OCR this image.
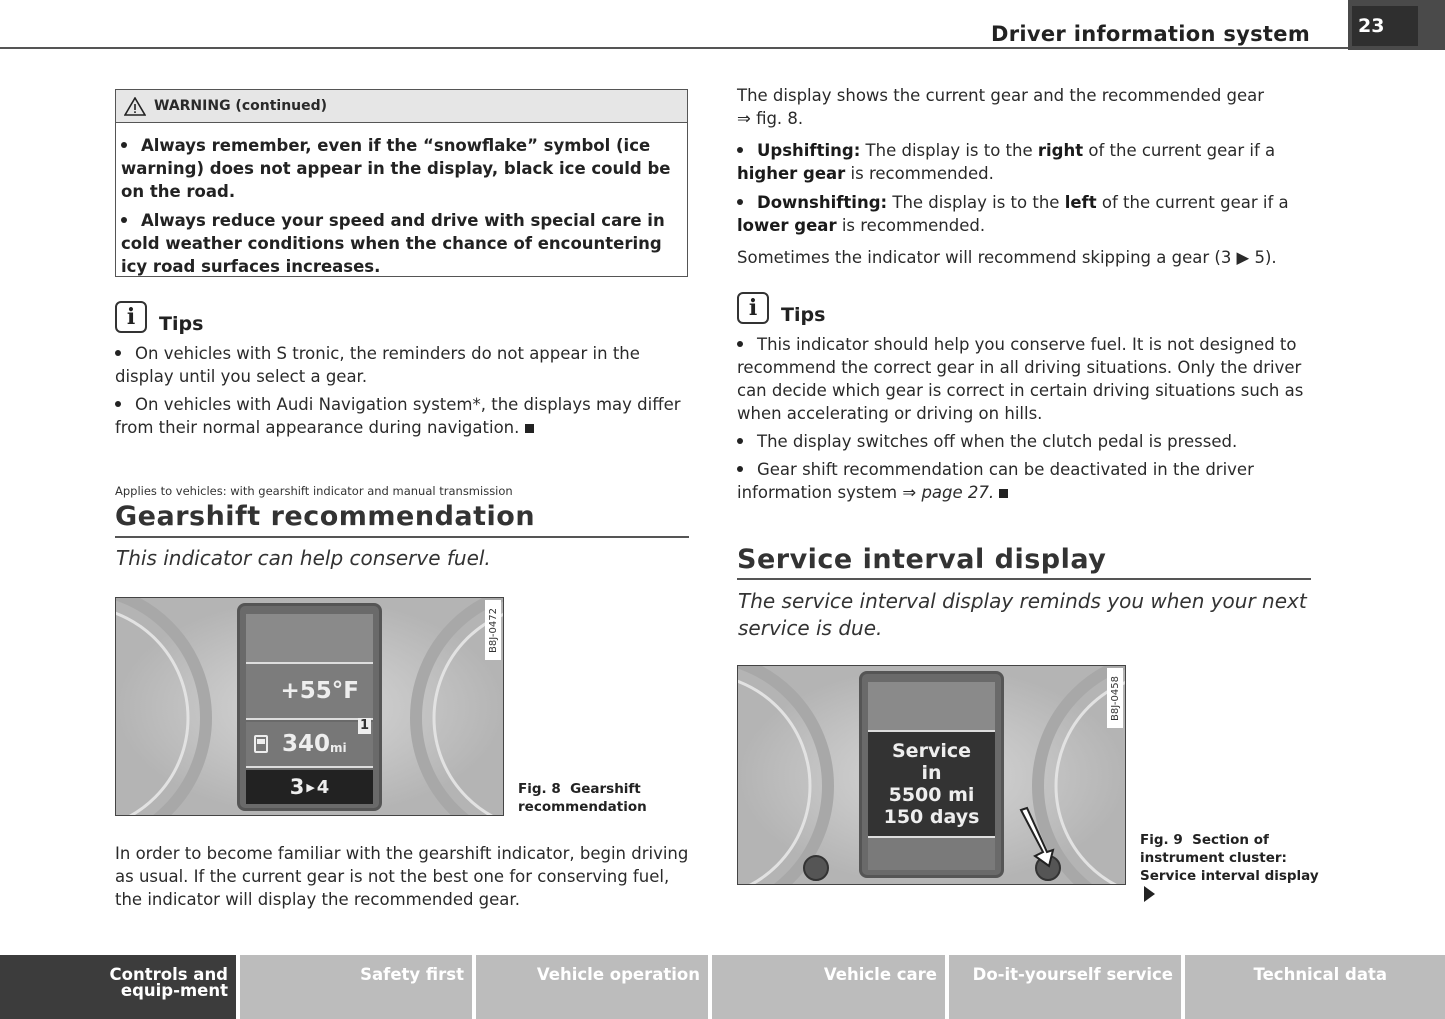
Driver information system	23
WARNING (continued)
Always remember, even if the “snowflake” symbol (ice warning) does not appear in the display, black ice could be on the road.
Always reduce your speed and drive with special care in cold weather conditions when the chance of encountering icy road surfaces increases.
i	Tips
On vehicles with S tronic, the reminders do not appear in the display until you select a gear.
On vehicles with Audi Navigation system*, the displays may differ from their normal appearance during navigation.
Applies to vehicles: with gearshift indicator and manual transmission
Gearshift recommendation
This indicator can help conserve fuel.
+55°F
340 mi
1
3 ▶ 4
B8J-0472
Fig. 8 Gearshift recommendation
In order to become familiar with the gearshift indicator, begin driving as usual. If the current gear is not the best one for conserving fuel, the indicator will display the recommended gear.
The display shows the current gear and the recommended gear
⇒ fig. 8.
Upshifting: The display is to the right of the current gear if a
higher gear is recommended.
Downshifting: The display is to the left of the current gear if a
lower gear is recommended.
Sometimes the indicator will recommend skipping a gear (3 ▶ 5).
i	Tips
This indicator should help you conserve fuel. It is not designed to recommend the correct gear in all driving situations. Only the driver can decide which gear is correct in certain driving situations such as when accelerating or driving on hills.
The display switches off when the clutch pedal is pressed.
Gear shift recommendation can be deactivated in the driver information system ⇒ page 27.
Service interval display
The service interval display reminds you when your next service is due.
Service
in
5500 mi
150 days
B8J-0458
Fig. 9 Section of instrument cluster: Service interval display
Controls and equip-ment
Safety first	Vehicle operation	Vehicle care Do-it-yourself service	Technical data
